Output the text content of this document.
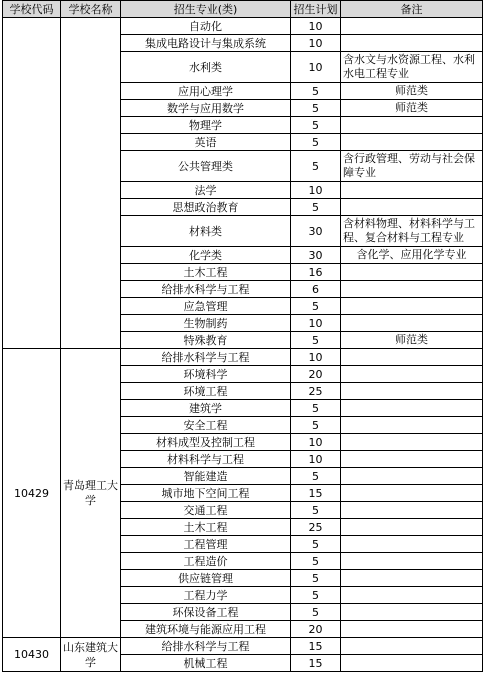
学校代码	学校名称	招生专业(类)	招生计划	备注
		自动化	10	
		集成电路设计与集成系统	10	
		水利类	10	含水文与水资源工程、水利水电工程专业
		应用心理学	5	师范类
		数学与应用数学	5	师范类
		物理学	5	
		英语	5	
		公共管理类	5	含行政管理、劳动与社会保障专业
		法学	10	
		思想政治教育	5	
		材料类	30	含材料物理、材料科学与工程、复合材料与工程专业
		化学类	30	含化学、应用化学专业
		土木工程	16	
		给排水科学与工程	6	
		应急管理	5	
		生物制药	10	
		特殊教育	5	师范类
10429	青岛理工大学	给排水科学与工程	10	
		环境科学	20	
		环境工程	25	
		建筑学	5	
		安全工程	5	
		材料成型及控制工程	10	
		材料科学与工程	10	
		智能建造	5	
		城市地下空间工程	15	
		交通工程	5	
		土木工程	25	
		工程管理	5	
		工程造价	5	
		供应链管理	5	
		工程力学	5	
		环保设备工程	5	
		建筑环境与能源应用工程	20	
10430	山东建筑大学	给排水科学与工程	15	
		机械工程	15	
